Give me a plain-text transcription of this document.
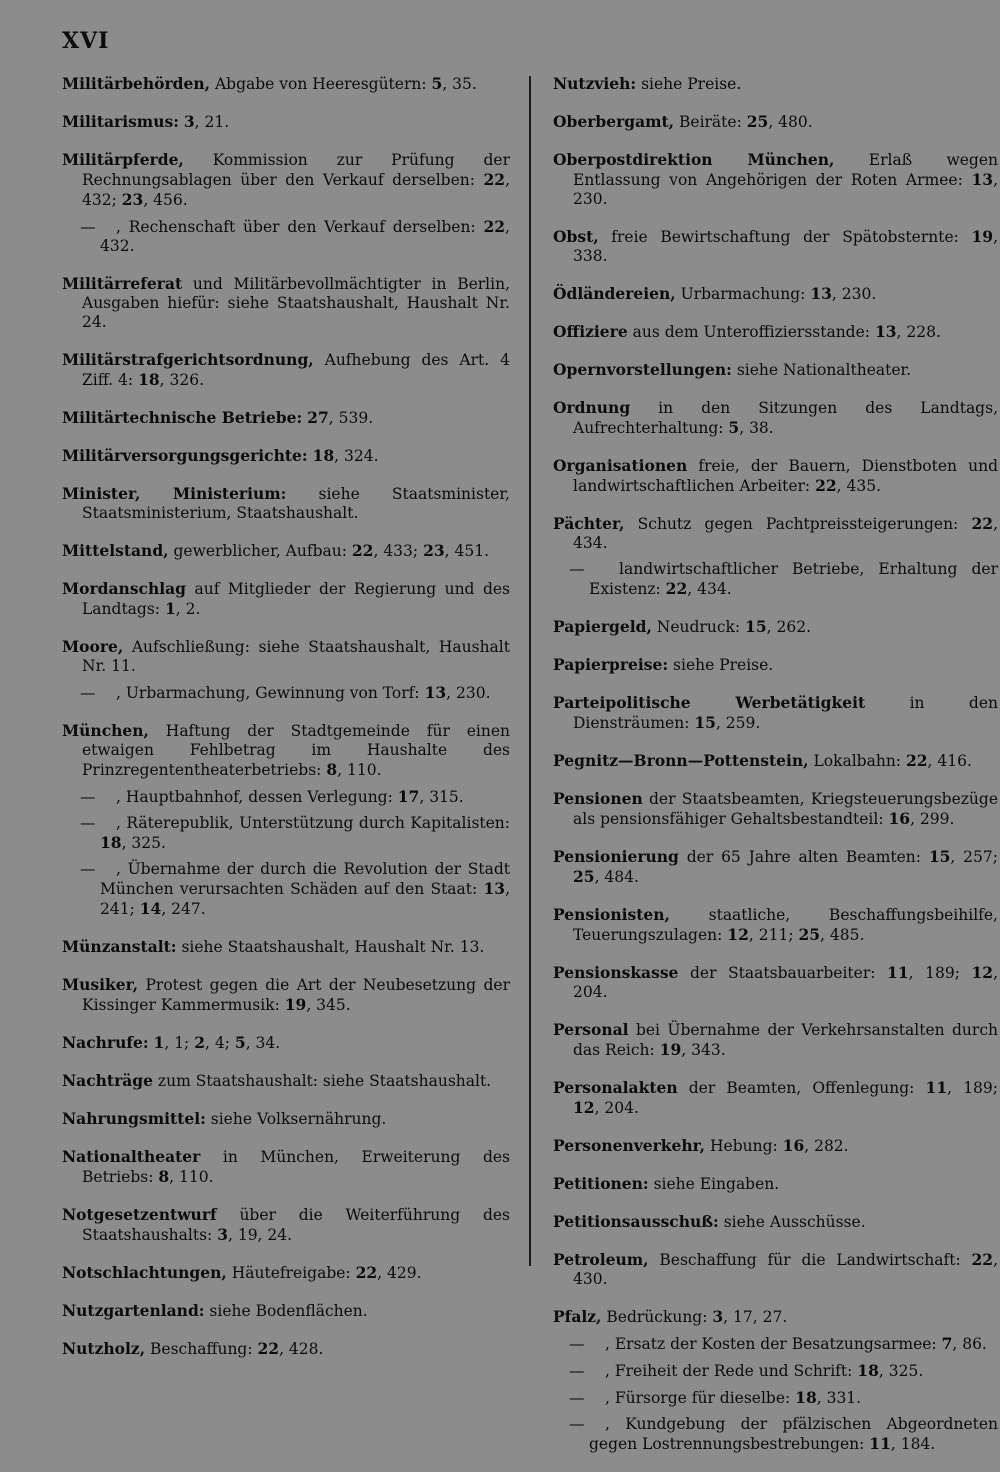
XVI

Militärbehörden, Abgabe von Heeresgütern: 5, 35.

Militarismus: 3, 21.

Militärpferde, Kommission zur Prüfung der Rechnungsablagen über den Verkauf derselben: 22, 432; 23, 456.

— , Rechenschaft über den Verkauf derselben: 22, 432.

Militärreferat und Militärbevollmächtigter in Berlin, Ausgaben hiefür: siehe Staatshaushalt, Haushalt Nr. 24.

Militärstrafgerichtsordnung, Aufhebung des Art. 4 Ziff. 4: 18, 326.

Militärtechnische Betriebe: 27, 539.

Militärversorgungsgerichte: 18, 324.

Minister, Ministerium: siehe Staatsminister, Staatsministerium, Staatshaushalt.

Mittelstand, gewerblicher, Aufbau: 22, 433; 23, 451.

Mordanschlag auf Mitglieder der Regierung und des Landtags: 1, 2.

Moore, Aufschließung: siehe Staatshaushalt, Haushalt Nr. 11.

— , Urbarmachung, Gewinnung von Torf: 13, 230.

München, Haftung der Stadtgemeinde für einen etwaigen Fehlbetrag im Haushalte des Prinzregententheaterbetriebs: 8, 110.

— , Hauptbahnhof, dessen Verlegung: 17, 315.

— , Räterepublik, Unterstützung durch Kapitalisten: 18, 325.

— , Übernahme der durch die Revolution der Stadt München verursachten Schäden auf den Staat: 13, 241; 14, 247.

Münzanstalt: siehe Staatshaushalt, Haushalt Nr. 13.

Musiker, Protest gegen die Art der Neubesetzung der Kissinger Kammermusik: 19, 345.

Nachrufe: 1, 1; 2, 4; 5, 34.

Nachträge zum Staatshaushalt: siehe Staatshaushalt.

Nahrungsmittel: siehe Volksernährung.

Nationaltheater in München, Erweiterung des Betriebs: 8, 110.

Notgesetzentwurf über die Weiterführung des Staatshaushalts: 3, 19, 24.

Notschlachtungen, Häutefreigabe: 22, 429.

Nutzgartenland: siehe Bodenflächen.

Nutzholz, Beschaffung: 22, 428.

Nutzvieh: siehe Preise.

Oberbergamt, Beiräte: 25, 480.

Oberpostdirektion München, Erlaß wegen Entlassung von Angehörigen der Roten Armee: 13, 230.

Obst, freie Bewirtschaftung der Spätobsternte: 19, 338.

Ödländereien, Urbarmachung: 13, 230.

Offiziere aus dem Unteroffiziersstande: 13, 228.

Opernvorstellungen: siehe Nationaltheater.

Ordnung in den Sitzungen des Landtags, Aufrechterhaltung: 5, 38.

Organisationen freie, der Bauern, Dienstboten und landwirtschaftlichen Arbeiter: 22, 435.

Pächter, Schutz gegen Pachtpreissteigerungen: 22, 434.

— landwirtschaftlicher Betriebe, Erhaltung der Existenz: 22, 434.

Papiergeld, Neudruck: 15, 262.

Papierpreise: siehe Preise.

Parteipolitische Werbetätigkeit in den Diensträumen: 15, 259.

Pegnitz—Bronn—Pottenstein, Lokalbahn: 22, 416.

Pensionen der Staatsbeamten, Kriegsteuerungsbezüge als pensionsfähiger Gehaltsbestandteil: 16, 299.

Pensionierung der 65 Jahre alten Beamten: 15, 257; 25, 484.

Pensionisten, staatliche, Beschaffungsbeihilfe, Teuerungszulagen: 12, 211; 25, 485.

Pensionskasse der Staatsbauarbeiter: 11, 189; 12, 204.

Personal bei Übernahme der Verkehrsanstalten durch das Reich: 19, 343.

Personalakten der Beamten, Offenlegung: 11, 189; 12, 204.

Personenverkehr, Hebung: 16, 282.

Petitionen: siehe Eingaben.

Petitionsausschuß: siehe Ausschüsse.

Petroleum, Beschaffung für die Landwirtschaft: 22, 430.

Pfalz, Bedrückung: 3, 17, 27.

— , Ersatz der Kosten der Besatzungsarmee: 7, 86.

— , Freiheit der Rede und Schrift: 18, 325.

— , Fürsorge für dieselbe: 18, 331.

— , Kundgebung der pfälzischen Abgeordneten gegen Lostrennungsbestrebungen: 11, 184.
